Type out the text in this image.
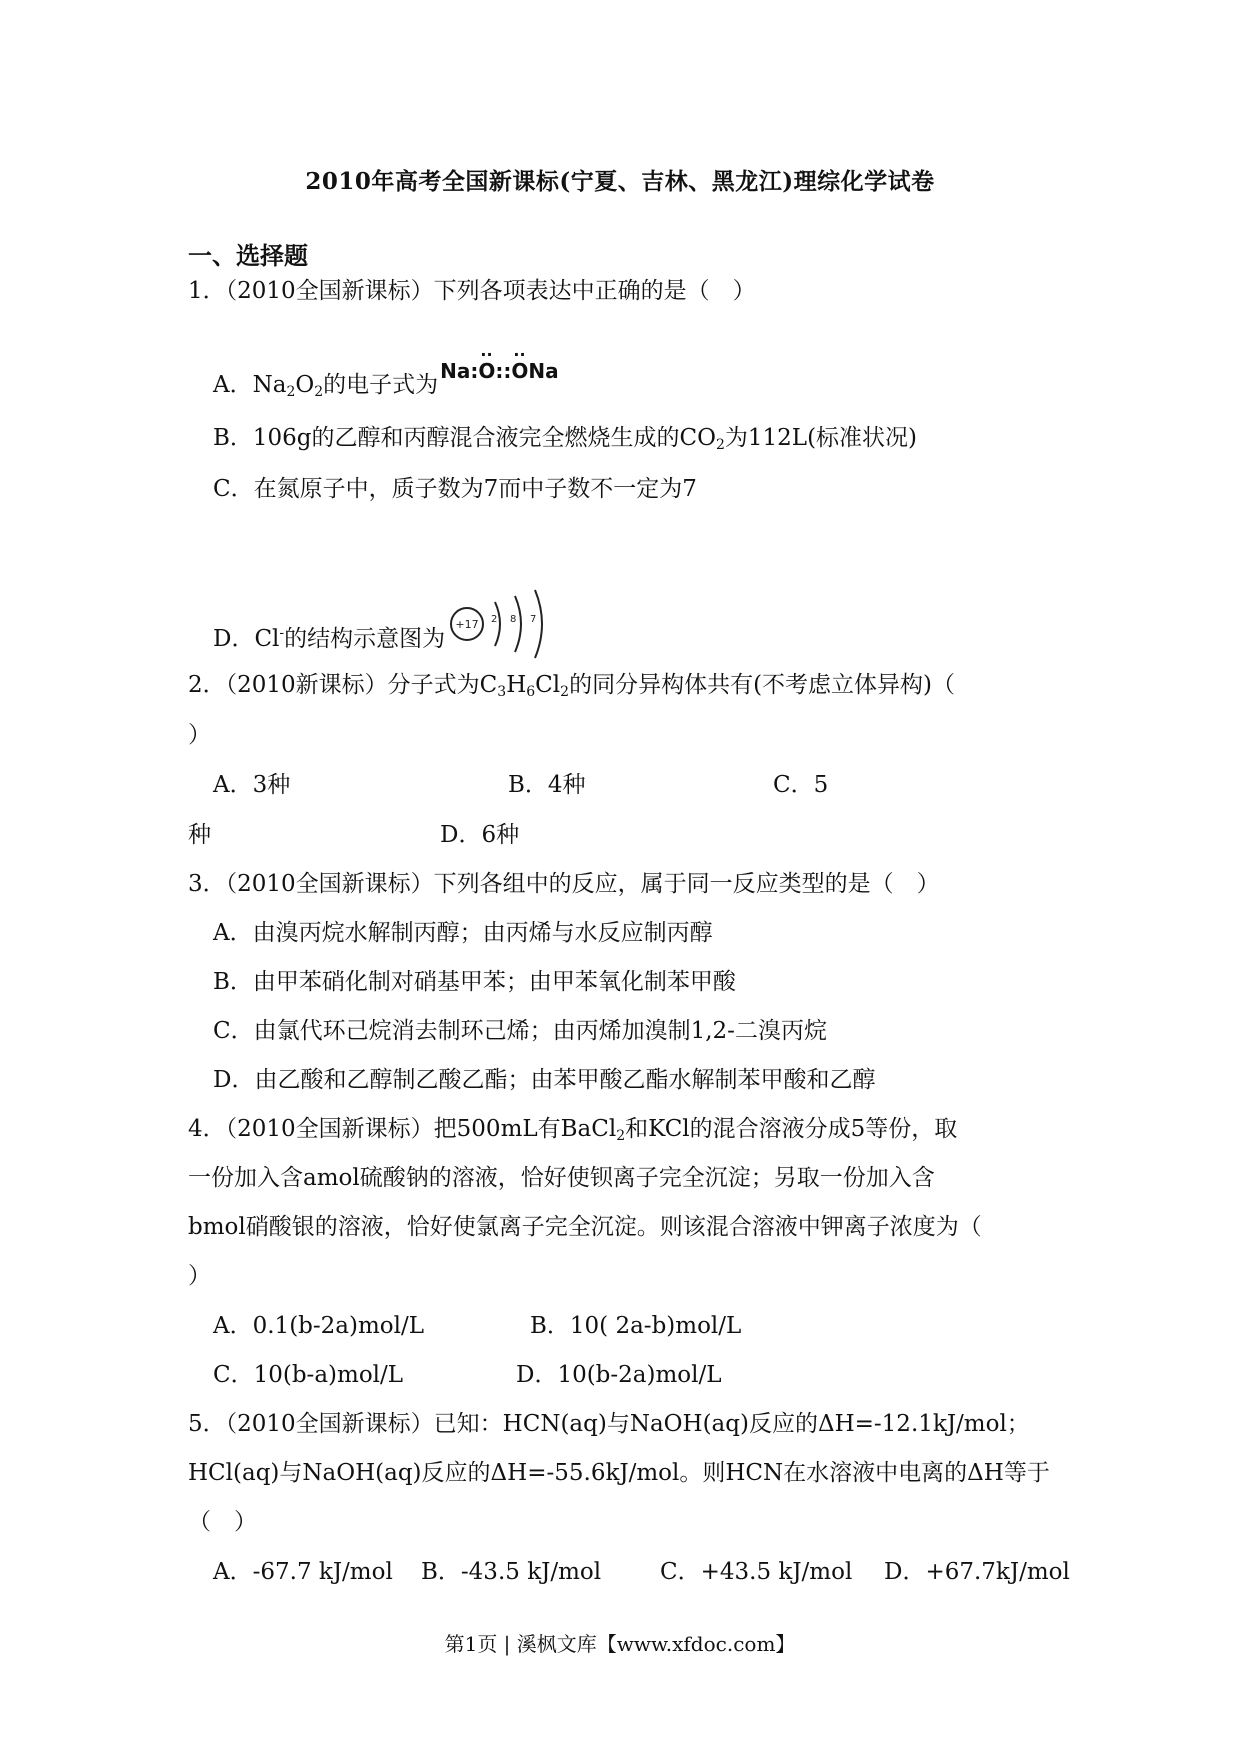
2010年高考全国新课标(宁夏、吉林、黑龙江)理综化学试卷
一、选择题
1．（2010全国新课标）下列各项表达中正确的是（　）
A．$Na_2O_2$的电子式为Na:·· O::·· ONa
B．106g的乙醇和丙醇混合液完全燃烧生成的$CO_2$为112L(标准状况)
C．在氮原子中，质子数为7而中子数不一定为7
D．Cl-的结构示意图为
+17 2 8 7
2．（2010新课标）分子式为$C_3H_6Cl_2$的同分异构体共有(不考虑立体异构)（
）
A．3种	B．4种	C．5
种	D．6种
3．（2010全国新课标）下列各组中的反应，属于同一反应类型的是（　）
A．由溴丙烷水解制丙醇；由丙烯与水反应制丙醇
B．由甲苯硝化制对硝基甲苯；由甲苯氧化制苯甲酸
C．由氯代环己烷消去制环己烯；由丙烯加溴制1,2-二溴丙烷
D．由乙酸和乙醇制乙酸乙酯；由苯甲酸乙酯水解制苯甲酸和乙醇
4．（2010全国新课标）把500mL有BaCl$_2$和KCl的混合溶液分成5等份，取
一份加入含amol硫酸钠的溶液，恰好使钡离子完全沉淀；另取一份加入含
bmol硝酸银的溶液，恰好使氯离子完全沉淀。则该混合溶液中钾离子浓度为（
）
A．0.1(b-2a)mol/L	B．10( 2a-b)mol/L
C．10(b-a)mol/L	D．10(b-2a)mol/L
5．（2010全国新课标）已知：HCN(aq)与NaOH(aq)反应的ΔH=-12.1kJ/mol；
HCl(aq)与NaOH(aq)反应的ΔH=-55.6kJ/mol。则HCN在水溶液中电离的ΔH等于
（　）
A．-67.7 kJ/mol B．-43.5 kJ/mol	C．+43.5 kJ/mol D．+67.7kJ/mol
第1页 | 溪枫文库【www.xfdoc.com】
